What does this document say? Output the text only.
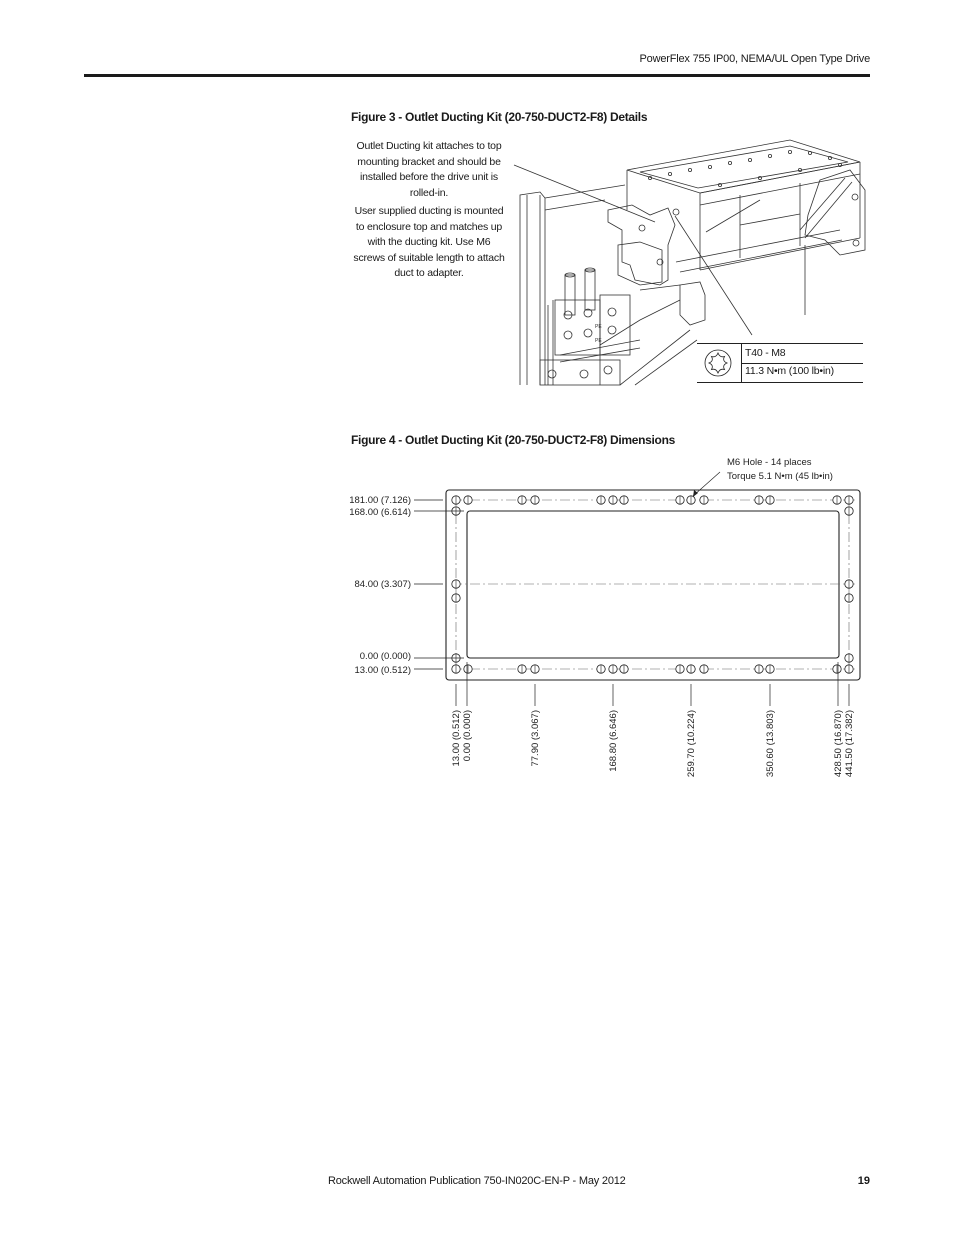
PowerFlex 755 IP00, NEMA/UL Open Type Drive
Figure 3 - Outlet Ducting Kit (20-750-DUCT2-F8) Details

Outlet Ducting kit attaches to top mounting bracket and should be installed before the drive unit is rolled-in.

User supplied ducting is mounted to enclosure top and matches up with the ducting kit. Use M6 screws of suitable length to attach duct to adapter.

PE
PE
T40 - M8
11.3 N•m (100 lb•in)
Figure 4 - Outlet Ducting Kit (20-750-DUCT2-F8) Dimensions
M6 Hole - 14 places
Torque 5.1 N•m (45 lb•in)
181.00 (7.126)
168.00 (6.614)
84.00 (3.307)
0.00 (0.000)
13.00 (0.512)
13.00 (0.512) 0.00 (0.000)	77.90 (3.067)	168.80 (6.646)	259.70 (10.224)	350.60 (13.803)	428.50 (16.870) 441.50 (17.382)
Rockwell Automation Publication 750-IN020C-EN-P - May 2012	19
